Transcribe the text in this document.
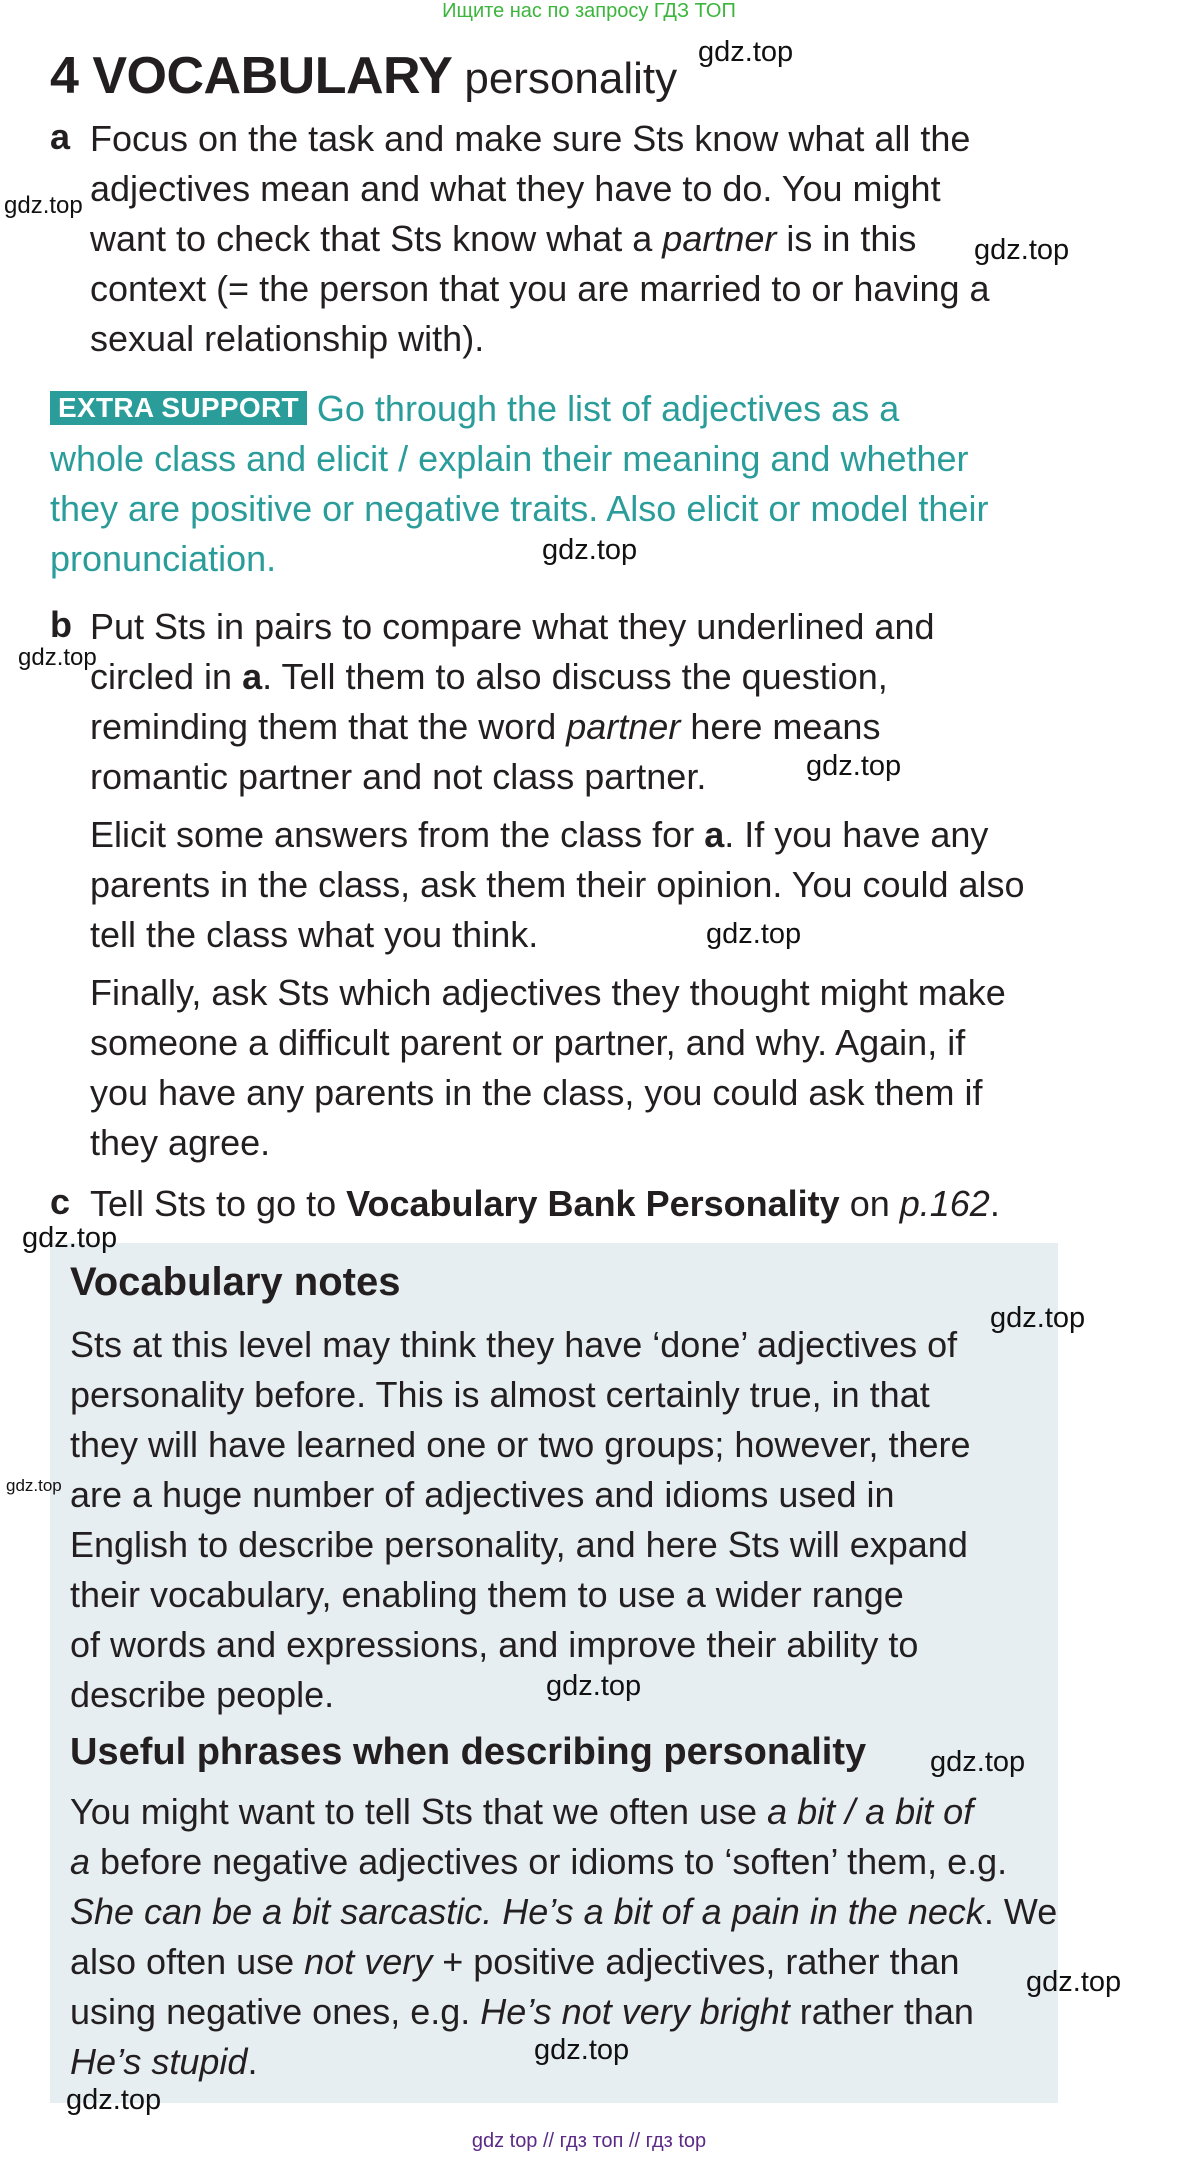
Ищите нас по запросу ГДЗ ТОП
4 VOCABULARY personality
a Focus on the task and make sure Sts know what all the
adjectives mean and what they have to do. You might
want to check that Sts know what a partner is in this
context (= the person that you are married to or having a
sexual relationship with).
EXTRA SUPPORT Go through the list of adjectives as a
whole class and elicit / explain their meaning and whether
they are positive or negative traits. Also elicit or model their
pronunciation.
b Put Sts in pairs to compare what they underlined and
circled in a. Tell them to also discuss the question,
reminding them that the word partner here means
romantic partner and not class partner.
Elicit some answers from the class for a. If you have any
parents in the class, ask them their opinion. You could also
tell the class what you think.
Finally, ask Sts which adjectives they thought might make
someone a difficult parent or partner, and why. Again, if
you have any parents in the class, you could ask them if
they agree.
c Tell Sts to go to Vocabulary Bank Personality on p.162.
Vocabulary notes
Sts at this level may think they have ‘done’ adjectives of
personality before. This is almost certainly true, in that
they will have learned one or two groups; however, there
are a huge number of adjectives and idioms used in
English to describe personality, and here Sts will expand
their vocabulary, enabling them to use a wider range
of words and expressions, and improve their ability to
describe people.
Useful phrases when describing personality
You might want to tell Sts that we often use a bit / a bit of
a before negative adjectives or idioms to ‘soften’ them, e.g.
She can be a bit sarcastic. He’s a bit of a pain in the neck. We
also often use not very + positive adjectives, rather than
using negative ones, e.g. He’s not very bright rather than
He’s stupid.
gdz.top
gdz.top
gdz.top
gdz.top
gdz.top
gdz.top
gdz.top
gdz.top
gdz.top
gdz.top
gdz.top
gdz.top
gdz.top
gdz.top
gdz.top
gdz top // гдз топ // гдз top
